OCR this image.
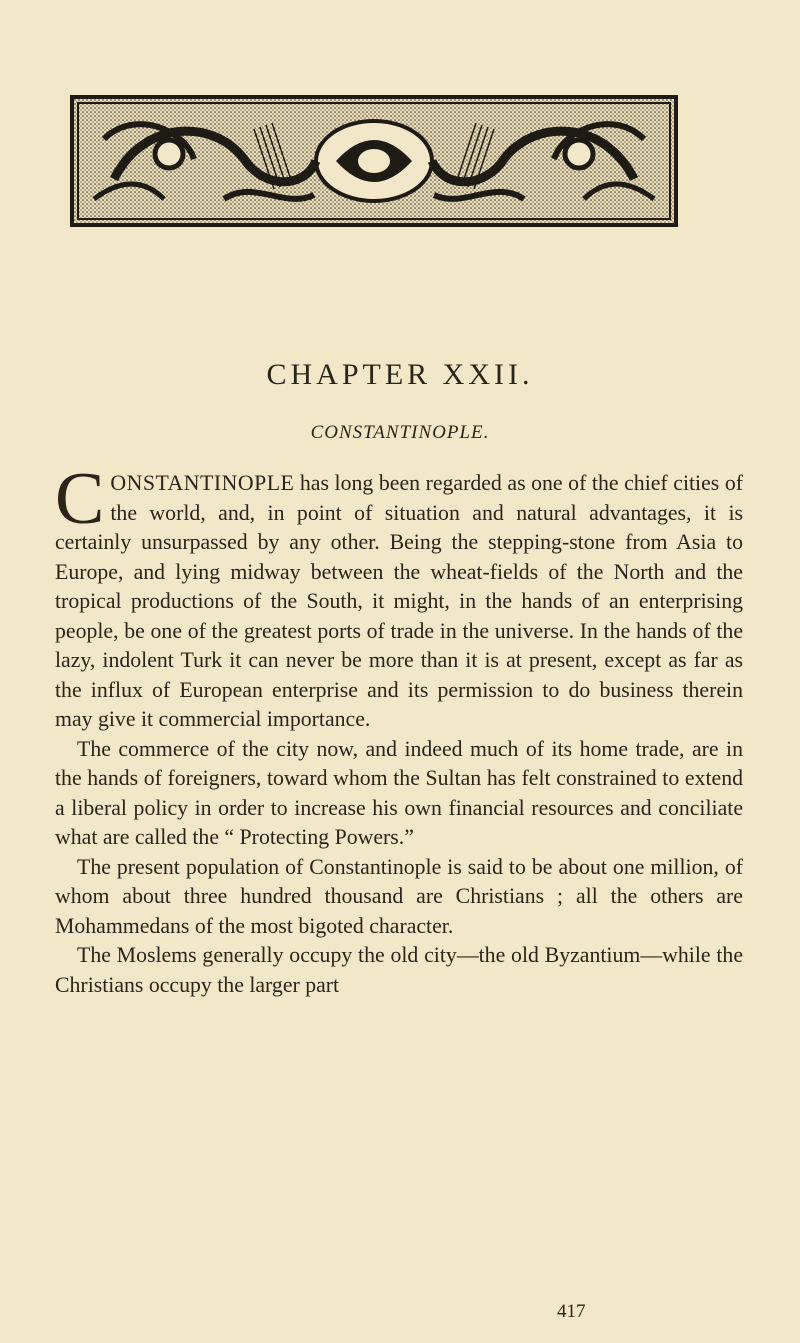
CHAPTER XXII.
CONSTANTINOPLE.

CONSTANTINOPLE has long been regarded as one of the chief cities of the world, and, in point of situation and natural advantages, it is certainly unsurpassed by any other. Being the stepping-stone from Asia to Europe, and lying midway between the wheat-fields of the North and the tropical productions of the South, it might, in the hands of an enterprising people, be one of the greatest ports of trade in the universe. In the hands of the lazy, indolent Turk it can never be more than it is at present, except as far as the influx of European enterprise and its permission to do business therein may give it commercial importance.

The commerce of the city now, and indeed much of its home trade, are in the hands of foreigners, toward whom the Sultan has felt constrained to extend a liberal policy in order to increase his own financial resources and conciliate what are called the “ Protecting Powers.”

The present population of Constantinople is said to be about one million, of whom about three hundred thousand are Christians ; all the others are Mohammedans of the most bigoted character.

The Moslems generally occupy the old city—the old Byzantium—while the Christians occupy the larger part

417
